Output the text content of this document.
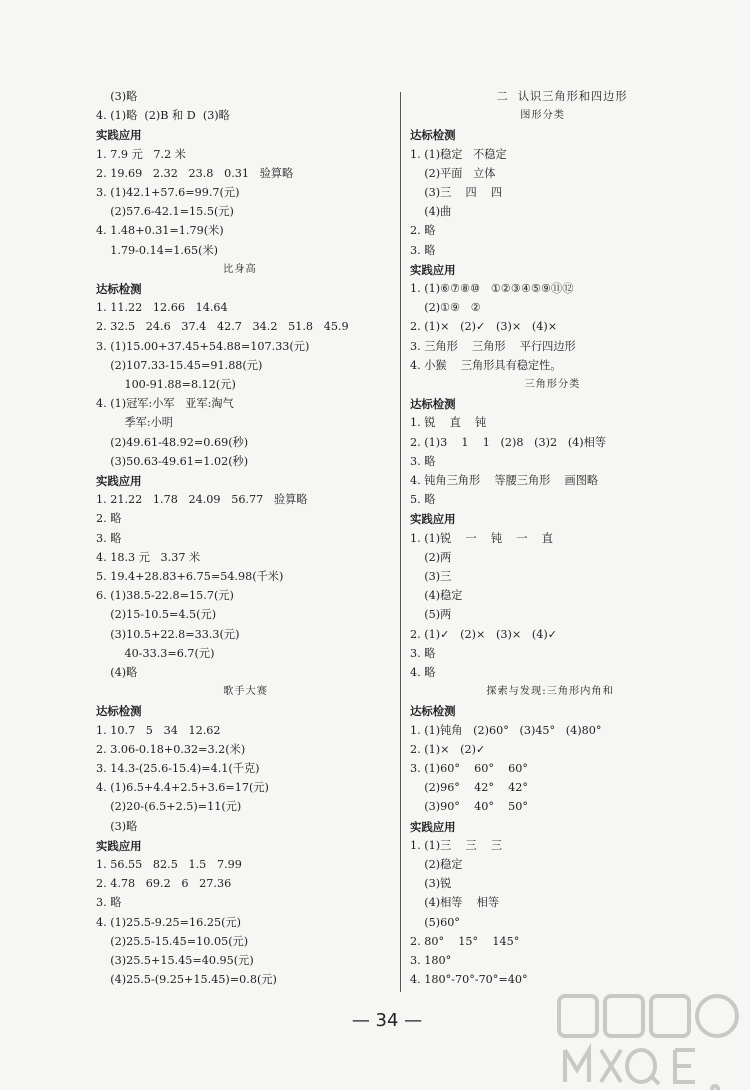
(3)略
4. (1)略  (2)B 和 D  (3)略
实践应用
1. 7.9 元   7.2 米
2. 19.69   2.32   23.8   0.31   验算略
3. (1)42.1+57.6=99.7(元)
(2)57.6-42.1=15.5(元)
4. 1.48+0.31=1.79(米)
1.79-0.14=1.65(米)
比身高
达标检测
1. 11.22   12.66   14.64
2. 32.5   24.6   37.4   42.7   34.2   51.8   45.9
3. (1)15.00+37.45+54.88=107.33(元)
(2)107.33-15.45=91.88(元)
100-91.88=8.12(元)
4. (1)冠军:小军   亚军:淘气
季军:小明
(2)49.61-48.92=0.69(秒)
(3)50.63-49.61=1.02(秒)
实践应用
1. 21.22   1.78   24.09   56.77   验算略
2. 略
3. 略
4. 18.3 元   3.37 米
5. 19.4+28.83+6.75=54.98(千米)
6. (1)38.5-22.8=15.7(元)
(2)15-10.5=4.5(元)
(3)10.5+22.8=33.3(元)
40-33.3=6.7(元)
(4)略
歌手大赛
达标检测
1. 10.7   5   34   12.62
2. 3.06-0.18+0.32=3.2(米)
3. 14.3-(25.6-15.4)=4.1(千克)
4. (1)6.5+4.4+2.5+3.6=17(元)
(2)20-(6.5+2.5)=11(元)
(3)略
实践应用
1. 56.55   82.5   1.5   7.99
2. 4.78   69.2   6   27.36
3. 略
4. (1)25.5-9.25=16.25(元)
(2)25.5-15.45=10.05(元)
(3)25.5+15.45=40.95(元)
(4)25.5-(9.25+15.45)=0.8(元)
二  认识三角形和四边形
图形分类
达标检测
1. (1)稳定   不稳定
(2)平面   立体
(3)三    四    四
(4)曲
2. 略
3. 略
实践应用
1. (1)⑥⑦⑧⑩   ①②③④⑤⑨⑪⑫
(2)①⑨   ②
2. (1)×   (2)✓   (3)×   (4)×
3. 三角形    三角形    平行四边形
4. 小猴    三角形具有稳定性。
三角形分类
达标检测
1. 锐    直    钝
2. (1)3    1    1   (2)8   (3)2   (4)相等
3. 略
4. 钝角三角形    等腰三角形    画图略
5. 略
实践应用
1. (1)锐    一    钝    一    直
(2)两
(3)三
(4)稳定
(5)两
2. (1)✓   (2)×   (3)×   (4)✓
3. 略
4. 略
探索与发现:三角形内角和
达标检测
1. (1)钝角   (2)60°   (3)45°   (4)80°
2. (1)×   (2)✓
3. (1)60°    60°    60°
(2)96°    42°    42°
(3)90°    40°    50°
实践应用
1. (1)三    三    三
(2)稳定
(3)锐
(4)相等    相等
(5)60°
2. 80°    15°    145°
3. 180°
4. 180°-70°-70°=40°
— 34 —
